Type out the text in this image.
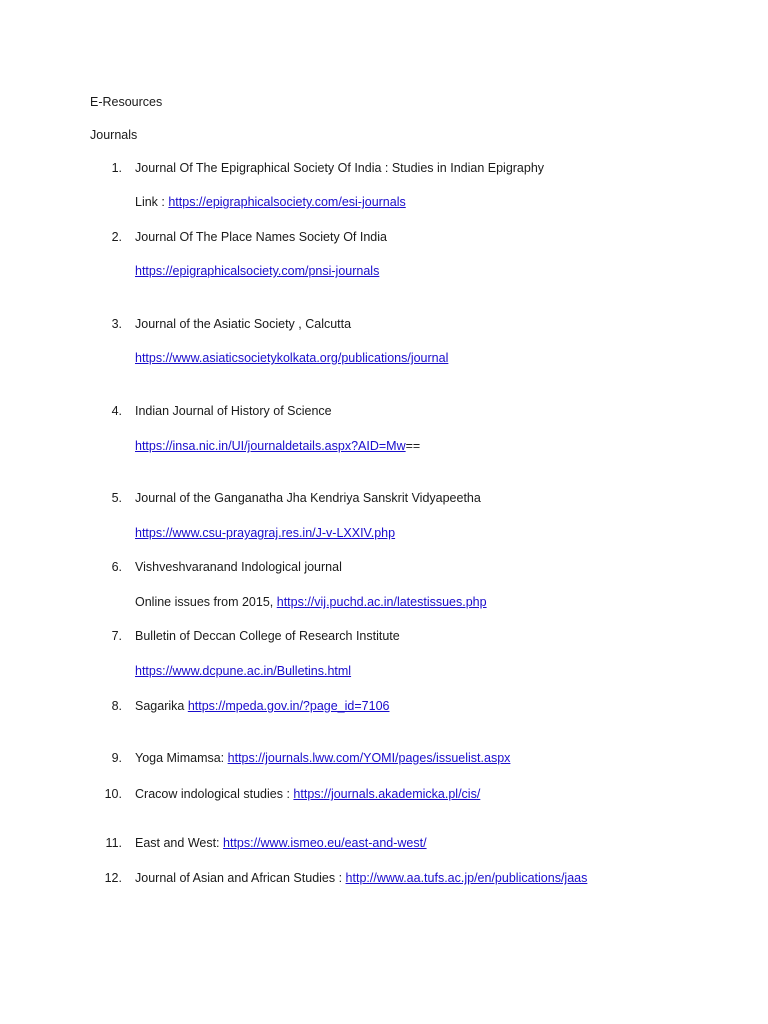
E-Resources
Journals
1. Journal Of The Epigraphical Society Of India : Studies in Indian Epigraphy
Link : https://epigraphicalsociety.com/esi-journals
2. Journal Of The Place Names Society Of India
https://epigraphicalsociety.com/pnsi-journals
3. Journal of the Asiatic Society , Calcutta
https://www.asiaticsocietykolkata.org/publications/journal
4. Indian Journal of History of Science
https://insa.nic.in/UI/journaldetails.aspx?AID=Mw==
5. Journal of the Ganganatha Jha Kendriya Sanskrit Vidyapeetha
https://www.csu-prayagraj.res.in/J-v-LXXIV.php
6. Vishveshvaranand Indological journal
Online issues from 2015, https://vij.puchd.ac.in/latestissues.php
7. Bulletin of Deccan College of Research Institute
https://www.dcpune.ac.in/Bulletins.html
8. Sagarika https://mpeda.gov.in/?page_id=7106
9. Yoga Mimamsa: https://journals.lww.com/YOMI/pages/issuelist.aspx
10. Cracow indological studies : https://journals.akademicka.pl/cis/
11. East and West: https://www.ismeo.eu/east-and-west/
12. Journal of Asian and African Studies : http://www.aa.tufs.ac.jp/en/publications/jaas
